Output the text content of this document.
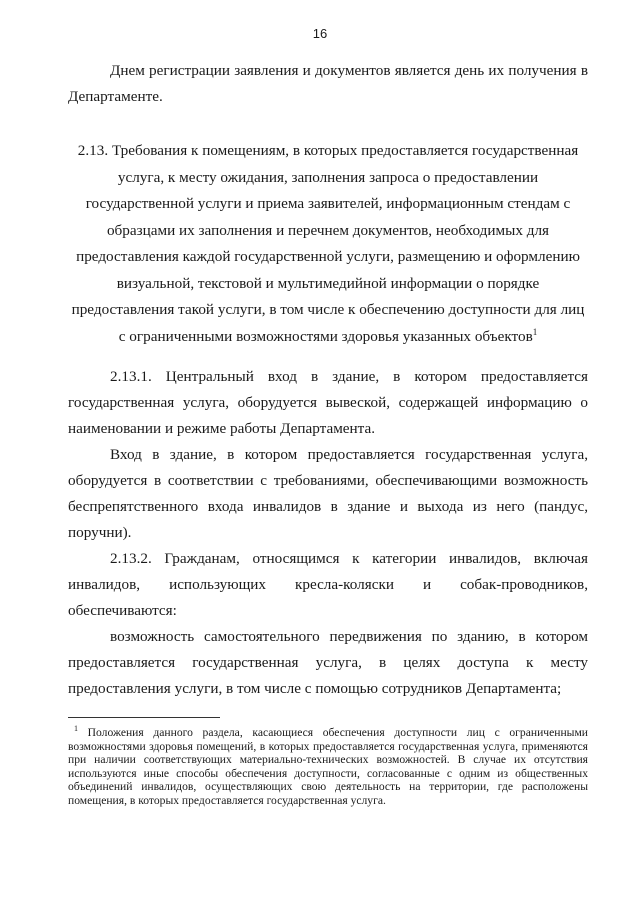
16

Днем регистрации заявления и документов является день их получения в Департаменте.

2.13. Требования к помещениям, в которых предоставляется государственная услуга, к месту ожидания, заполнения запроса о предоставлении государственной услуги и приема заявителей, информационным стендам с образцами их заполнения и перечнем документов, необходимых для предоставления каждой государственной услуги, размещению и оформлению визуальной, текстовой и мультимедийной информации о порядке предоставления такой услуги, в том числе к обеспечению доступности для лиц с ограниченными возможностями здоровья указанных объектов$^1$

2.13.1. Центральный вход в здание, в котором предоставляется государственная услуга, оборудуется вывеской, содержащей информацию о наименовании и режиме работы Департамента.

Вход в здание, в котором предоставляется государственная услуга, оборудуется в соответствии с требованиями, обеспечивающими возможность беспрепятственного входа инвалидов в здание и выхода из него (пандус, поручни).

2.13.2. Гражданам, относящимся к категории инвалидов, включая инвалидов, использующих кресла-коляски и собак-проводников, обеспечиваются:

возможность самостоятельного передвижения по зданию, в котором предоставляется государственная услуга, в целях доступа к месту предоставления услуги, в том числе с помощью сотрудников Департамента;

$^1$ Положения данного раздела, касающиеся обеспечения доступности лиц с ограниченными возможностями здоровья помещений, в которых предоставляется государственная услуга, применяются при наличии соответствующих материально-технических возможностей. В случае их отсутствия используются иные способы обеспечения доступности, согласованные с одним из общественных объединений инвалидов, осуществляющих свою деятельность на территории, где расположены помещения, в которых предоставляется государственная услуга.
